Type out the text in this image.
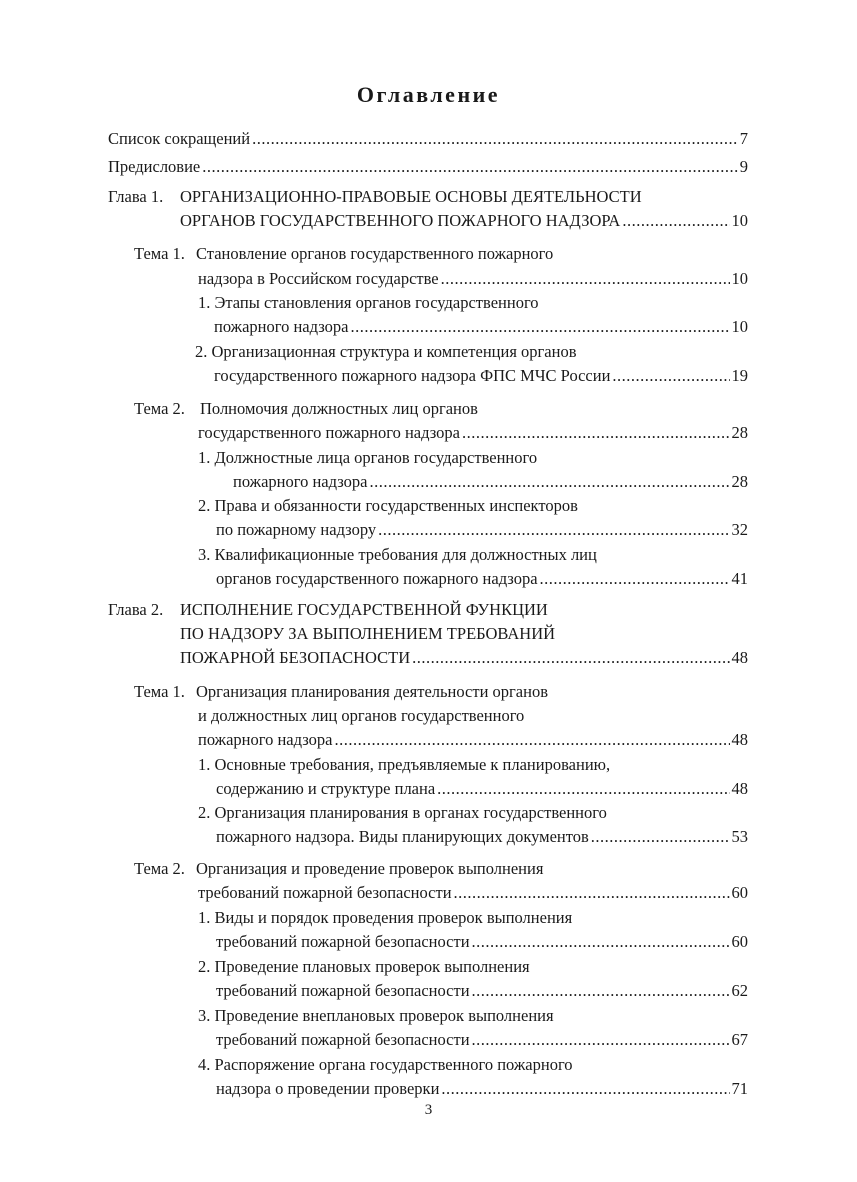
Оглавление
Список сокращений .....	7
Предисловие .....	9
Глава 1.	ОРГАНИЗАЦИОННО-ПРАВОВЫЕ ОСНОВЫ ДЕЯТЕЛЬНОСТИ
ОРГАНОВ ГОСУДАРСТВЕННОГО ПОЖАРНОГО НАДЗОРА .....	10
Тема 1. Становление органов государственного пожарного
надзора в Российском государстве .....	10
1. Этапы становления органов государственного
пожарного надзора .....	10
2. Организационная структура и компетенция органов
государственного пожарного надзора ФПС МЧС России .....	19
Тема 2. Полномочия должностных лиц органов
государственного пожарного надзора .....	28
1. Должностные лица органов государственного
пожарного надзора .....	28
2. Права и обязанности государственных инспекторов
по пожарному надзору .....	32
3. Квалификационные требования для должностных лиц
органов государственного пожарного надзора .....	41
Глава 2.	ИСПОЛНЕНИЕ ГОСУДАРСТВЕННОЙ ФУНКЦИИ
ПО НАДЗОРУ ЗА ВЫПОЛНЕНИЕМ ТРЕБОВАНИЙ
ПОЖАРНОЙ БЕЗОПАСНОСТИ .....	48
Тема 1. Организация планирования деятельности органов
и должностных лиц органов государственного
пожарного надзора .....	48
1. Основные требования, предъявляемые к планированию,
содержанию и структуре плана .....	48
2. Организация планирования в органах государственного
пожарного надзора. Виды планирующих документов .....	53
Тема 2. Организация и проведение проверок выполнения
требований пожарной безопасности .....	60
1. Виды и порядок проведения проверок выполнения
требований пожарной безопасности .....	60
2. Проведение плановых проверок выполнения
требований пожарной безопасности .....	62
3. Проведение внеплановых проверок выполнения
требований пожарной безопасности .....	67
4. Распоряжение органа государственного пожарного
надзора о проведении проверки .....	71
3
